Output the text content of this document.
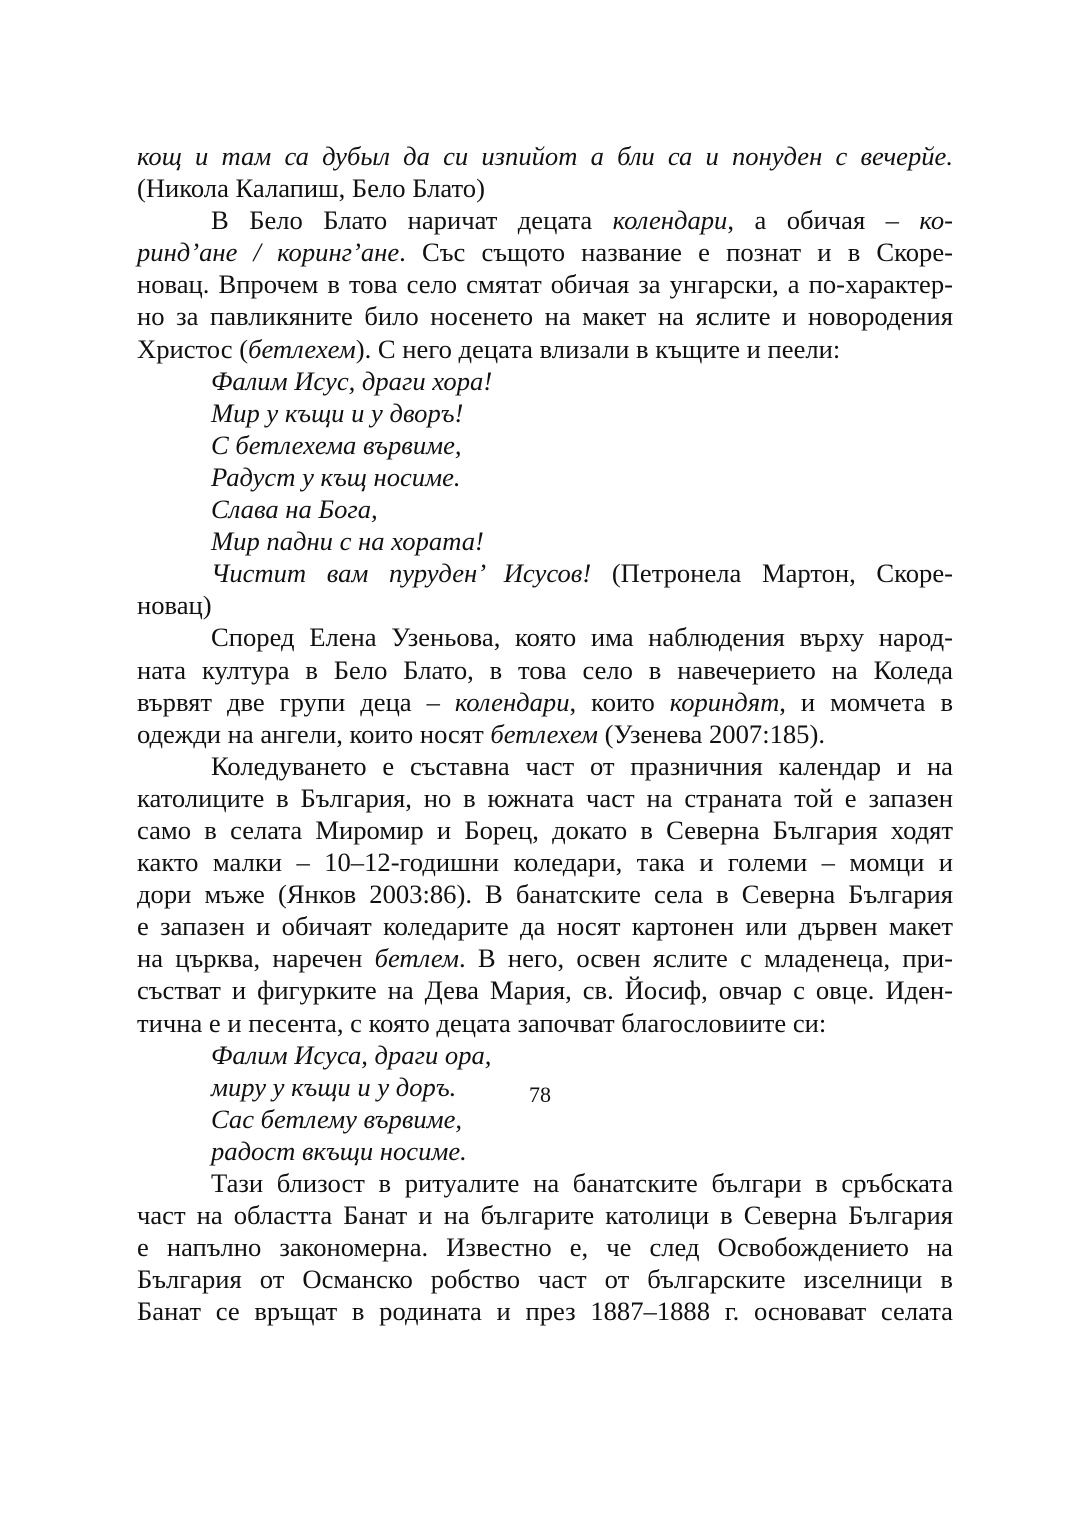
кощ и там са дубыл да си изпийот а бли са и понуден с вечерйе.
(Никола Калапиш, Бело Блато)

В Бело Блато наричат децата колендари, а обичая – ко-
ринд’ане / коринг’ане. Със същото название е познат и в Скоре-
новац. Впрочем в това село смятат обичая за унгарски, а по-характер-
но за павликяните било носенето на макет на яслите и новородения
Христос (бетлехем). С него децата влизали в къщите и пеели:

Фалим Исус, драги хора!
Мир у къщи и у дворъ!
С бетлехема вървиме,
Радуст у къщ носиме.
Слава на Бога,
Мир падни с на хората!

Чистит вам пуруден’ Исусов! (Петронела Мартон, Скоре-
новац)

Според Елена Узеньова, която има наблюдения върху народ-
ната култура в Бело Блато, в това село в навечерието на Коледа
вървят две групи деца – колендари, които кориндят, и момчета в
одежди на ангели, които носят бетлехем (Узенева 2007:185).

Коледуването е съставна част от празничния календар и на
католиците в България, но в южната част на страната той е запазен
само в селата Миромир и Борец, докато в Северна България ходят
както малки – 10–12-годишни коледари, така и големи – момци и
дори мъже (Янков 2003:86). В банатските села в Северна България
е запазен и обичаят коледарите да носят картонен или дървен макет
на църква, наречен бетлем. В него, освен яслите с младенеца, при-
състват и фигурките на Дева Мария, св. Йосиф, овчар с овце. Иден-
тична е и песента, с която децата започват благословиите си:

Фалим Исуса, драги ора,
миру у къщи и у доръ.
Сас бетлему вървиме,
радост вкъщи носиме.

Тази близост в ритуалите на банатските българи в сръбската
част на областта Банат и на българите католици в Северна България
е напълно закономерна. Известно е, че след Освобождението на
България от Османско робство част от българските изселници в
Банат се връщат в родината и през 1887–1888 г. основават селата

78
